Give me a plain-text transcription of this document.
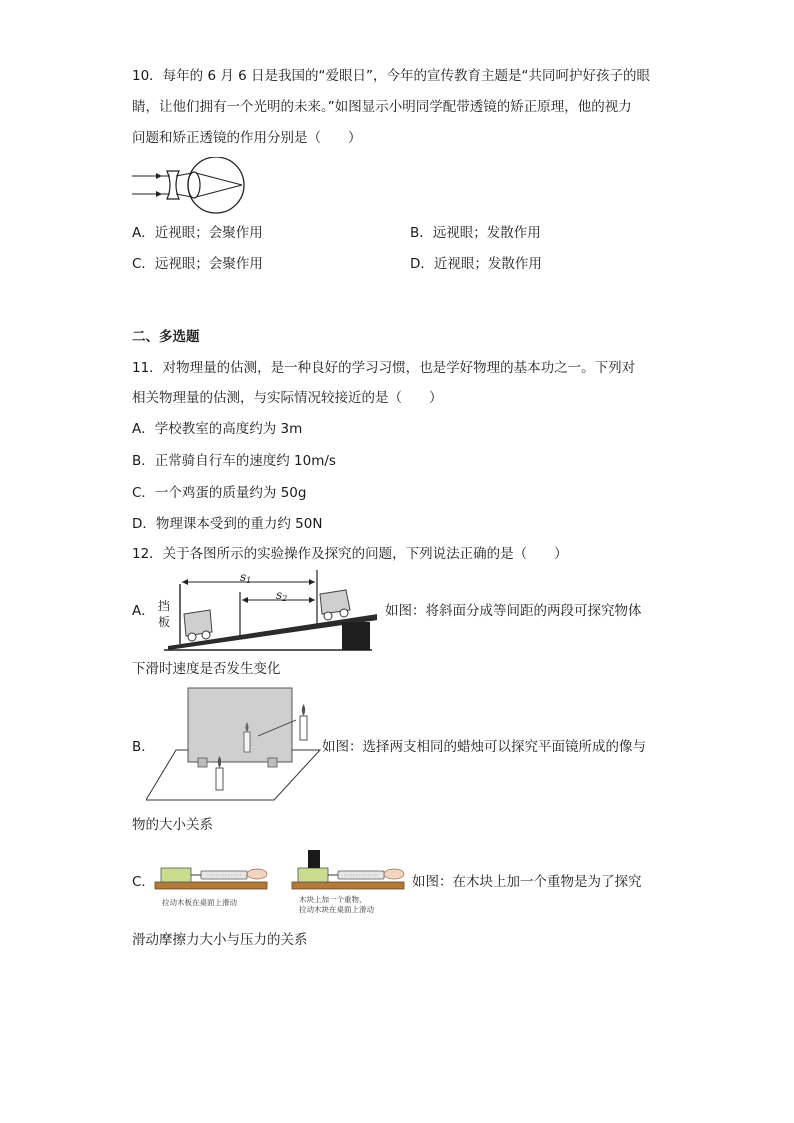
10．每年的 6 月 6 日是我国的“爱眼日”，今年的宣传教育主题是“共同呵护好孩子的眼
睛，让他们拥有一个光明的未来。”如图显示小明同学配带透镜的矫正原理，他的视力
问题和矫正透镜的作用分别是（　　）
A．近视眼；会聚作用	B．远视眼；发散作用
C．远视眼；会聚作用	D．近视眼；发散作用
二、多选题
11．对物理量的估测，是一种良好的学习习惯，也是学好物理的基本功之一。下列对
相关物理量的估测，与实际情况较接近的是（　　）
A．学校教室的高度约为 3m
B．正常骑自行车的速度约 10m/s
C．一个鸡蛋的质量约为 50g
D．物理课本受到的重力约 50N
12．关于各图所示的实验操作及探究的问题，下列说法正确的是（　　）
A．
s1
s2
挡
板
如图：将斜面分成等间距的两段可探究物体
下滑时速度是否发生变化
B．	如图：选择两支相同的蜡烛可以探究平面镜所成的像与
物的大小关系
C．
拉动木板在桌面上滑动	木块上加一个重物，
拉动木块在桌面上滑动
如图：在木块上加一个重物是为了探究
滑动摩擦力大小与压力的关系
